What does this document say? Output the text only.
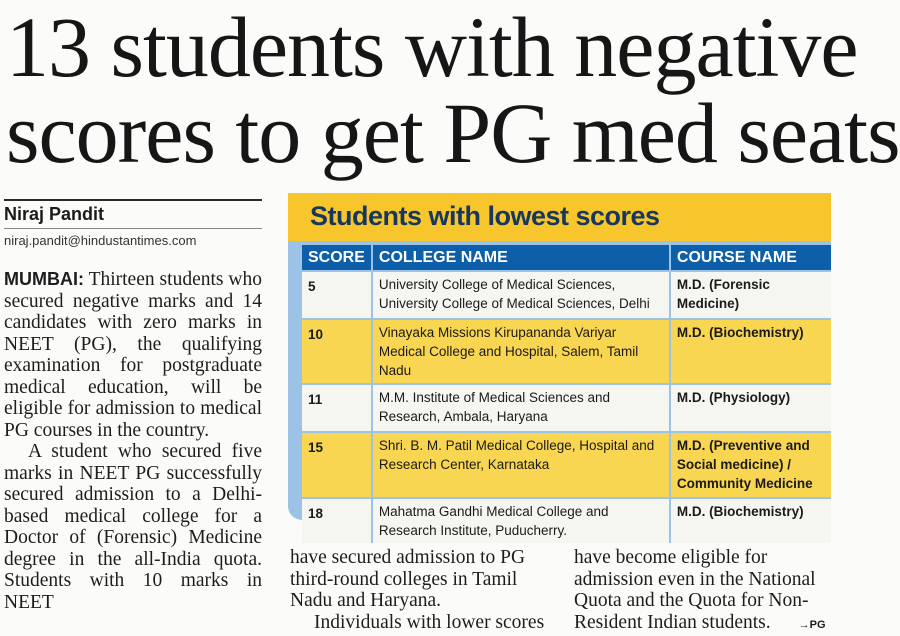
13 students with negative
scores to get PG med seats
Niraj Pandit
niraj.pandit@hindustantimes.com

MUMBAI: Thirteen students who secured negative marks and 14 candidates with zero marks in NEET (PG), the qualifying examination for postgraduate medical education, will be eligible for admission to medical PG courses in the country.

A student who secured five marks in NEET PG successfully secured admission to a Delhi-based medical college for a Doctor of (Forensic) Medicine degree in the all-India quota. Students with 10 marks in NEET

Students with lowest scores
SCORE	COLLEGE NAME	COURSE NAME
5	University College of Medical Sciences, University College of Medical Sciences, Delhi	M.D. (Forensic Medicine)
10	Vinayaka Missions Kirupananda Variyar Medical College and Hospital, Salem, Tamil Nadu	M.D. (Biochemistry)
11	M.M. Institute of Medical Sciences and Research, Ambala, Haryana	M.D. (Physiology)
15	Shri. B. M. Patil Medical College, Hospital and Research Center, Karnataka	M.D. (Preventive and Social medicine) / Community Medicine
18	Mahatma Gandhi Medical College and Research Institute, Puducherry.	M.D. (Biochemistry)

have secured admission to PG third-round colleges in Tamil Nadu and Haryana.

Individuals with lower scores

have become eligible for admission even in the National Quota and the Quota for Non-Resident Indian students.	→PG
